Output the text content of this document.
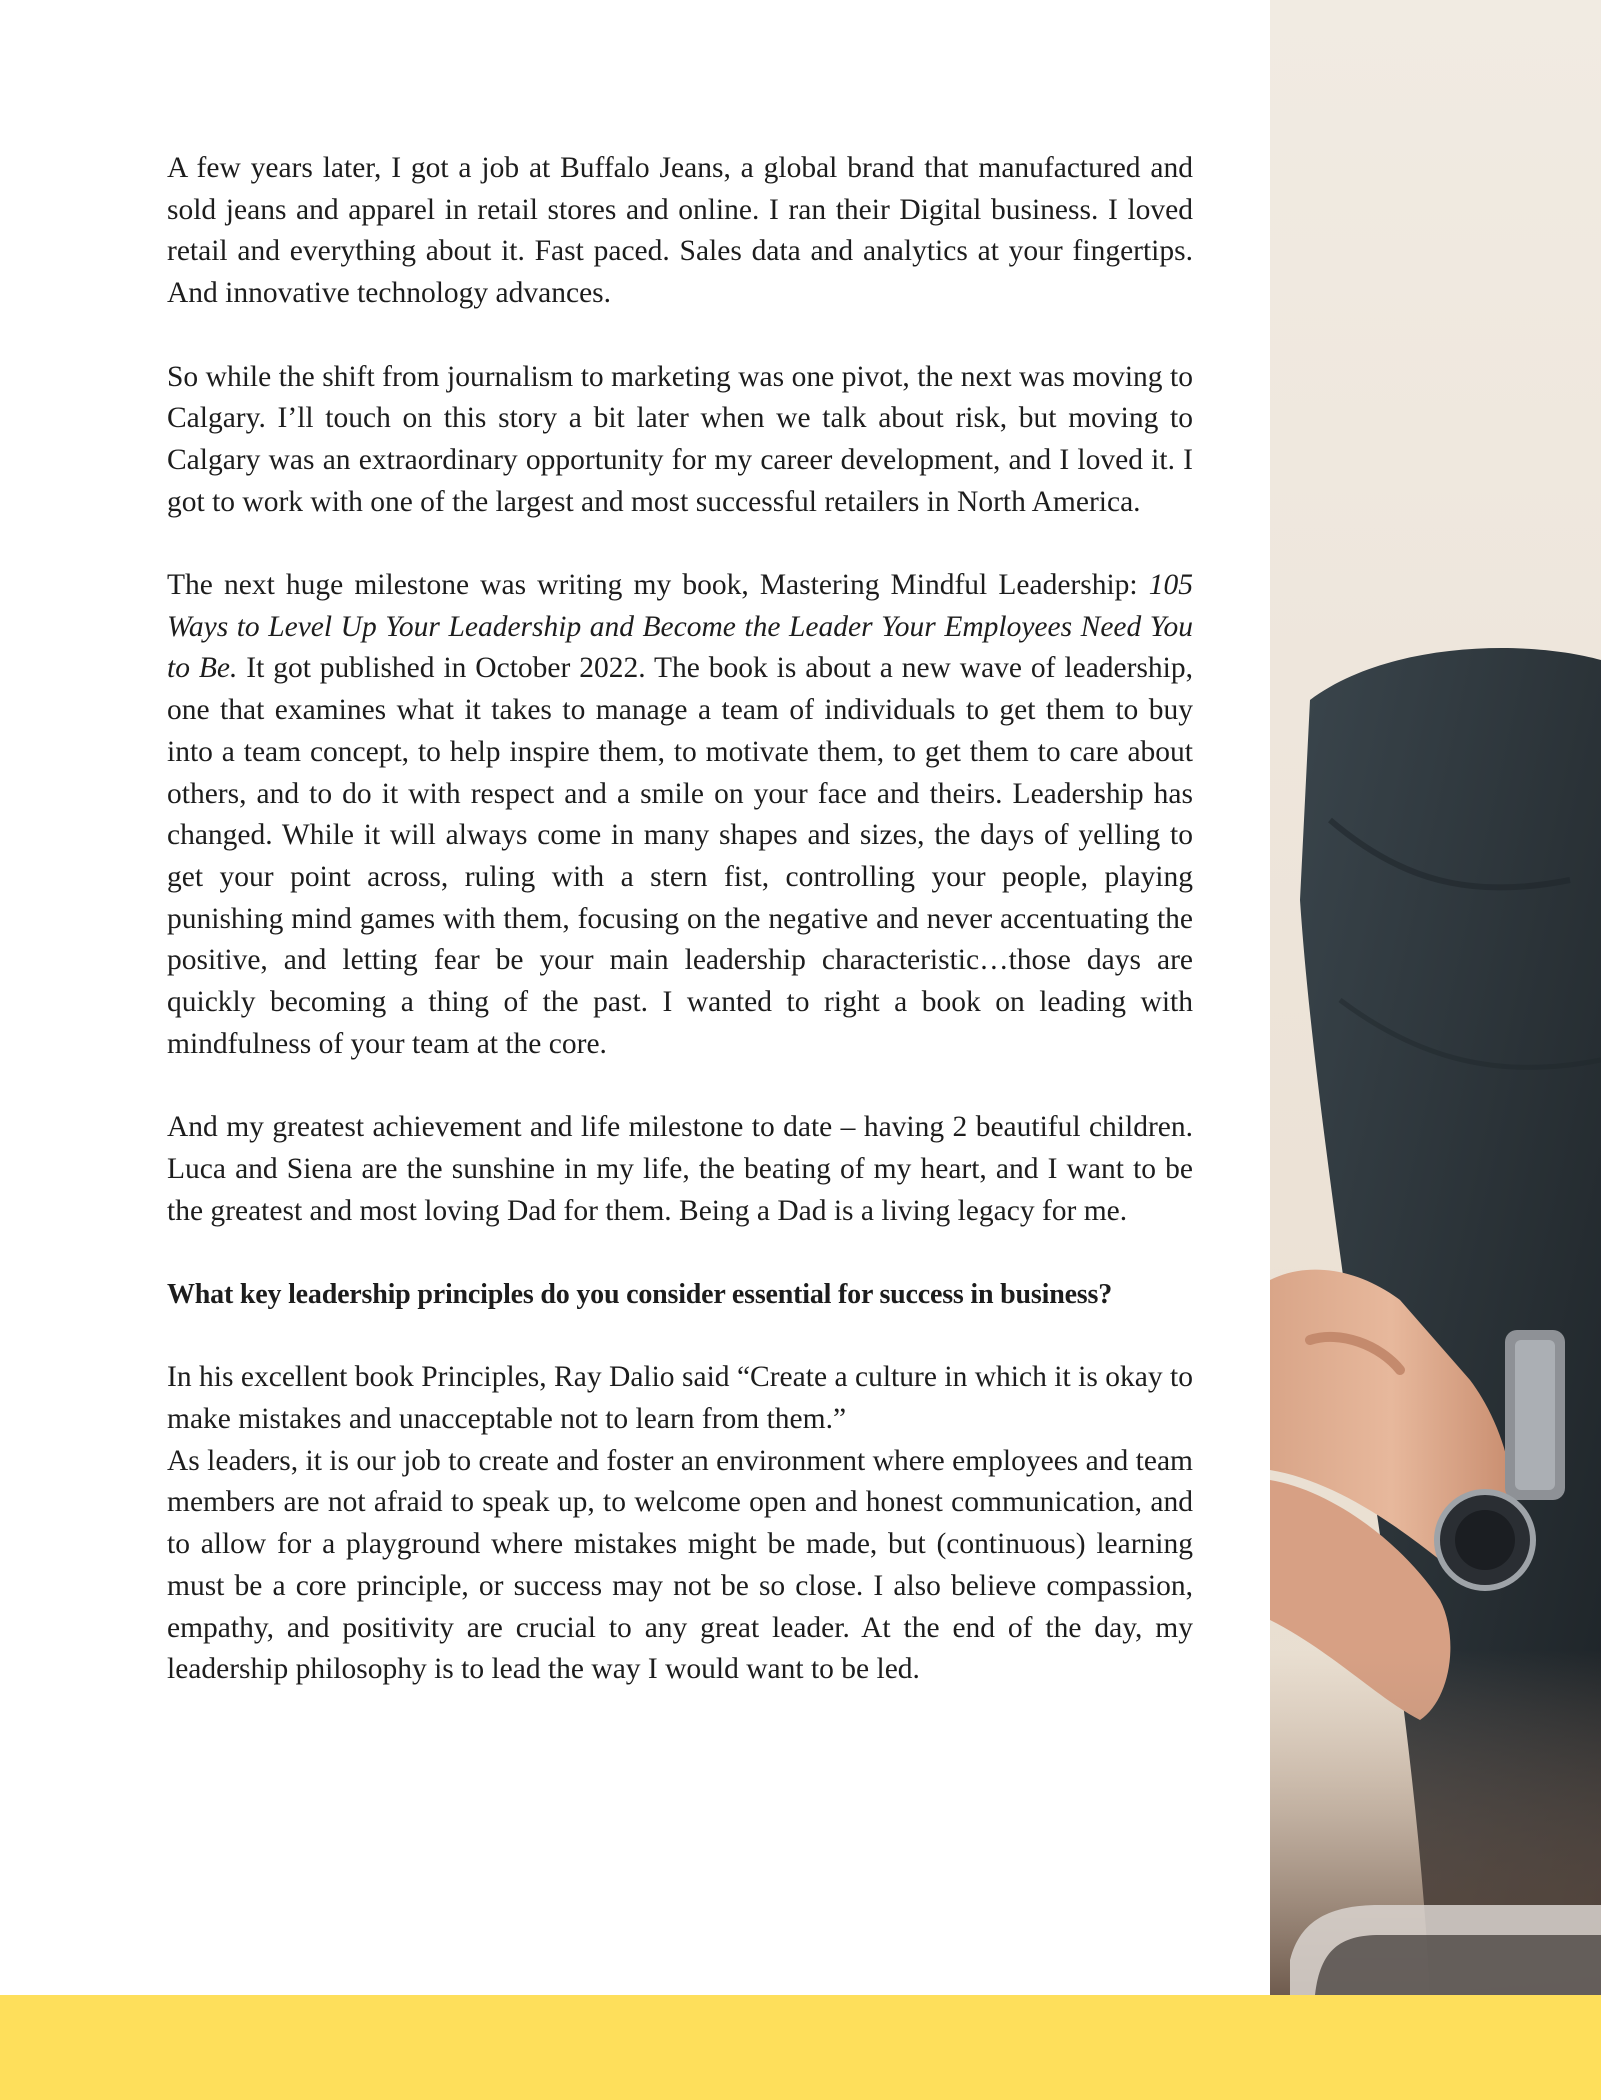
A few years later, I got a job at Buffalo Jeans, a global brand that manufactured and sold jeans and apparel in retail stores and online. I ran their Digital business. I loved retail and everything about it. Fast paced. Sales data and analytics at your fingertips. And innovative technology advances.

So while the shift from journalism to marketing was one pivot, the next was moving to Calgary. I’ll touch on this story a bit later when we talk about risk, but moving to Calgary was an extraordinary opportunity for my career development, and I loved it. I got to work with one of the largest and most successful retailers in North America.

The next huge milestone was writing my book, Mastering Mindful Leadership: 105 Ways to Level Up Your Leadership and Become the Leader Your Employees Need You to Be. It got published in October 2022. The book is about a new wave of leadership, one that examines what it takes to manage a team of individuals to get them to buy into a team concept, to help inspire them, to motivate them, to get them to care about others, and to do it with respect and a smile on your face and theirs. Leadership has changed. While it will always come in many shapes and sizes, the days of yelling to get your point across, ruling with a stern fist, controlling your people, playing punishing mind games with them, focusing on the negative and never accentuating the positive, and letting fear be your main leadership characteristic…those days are quickly becoming a thing of the past. I wanted to right a book on leading with mindfulness of your team at the core.

And my greatest achievement and life milestone to date – having 2 beautiful children. Luca and Siena are the sunshine in my life, the beating of my heart, and I want to be the greatest and most loving Dad for them. Being a Dad is a living legacy for me.

What key leadership principles do you consider essential for success in business?

In his excellent book Principles, Ray Dalio said “Create a culture in which it is okay to make mistakes and unacceptable not to learn from them.”

As leaders, it is our job to create and foster an environment where employees and team members are not afraid to speak up, to welcome open and honest communication, and to allow for a playground where mistakes might be made, but (continuous) learning must be a core principle, or success may not be so close. I also believe compassion, empathy, and positivity are crucial to any great leader. At the end of the day, my leadership philosophy is to lead the way I would want to be led.
